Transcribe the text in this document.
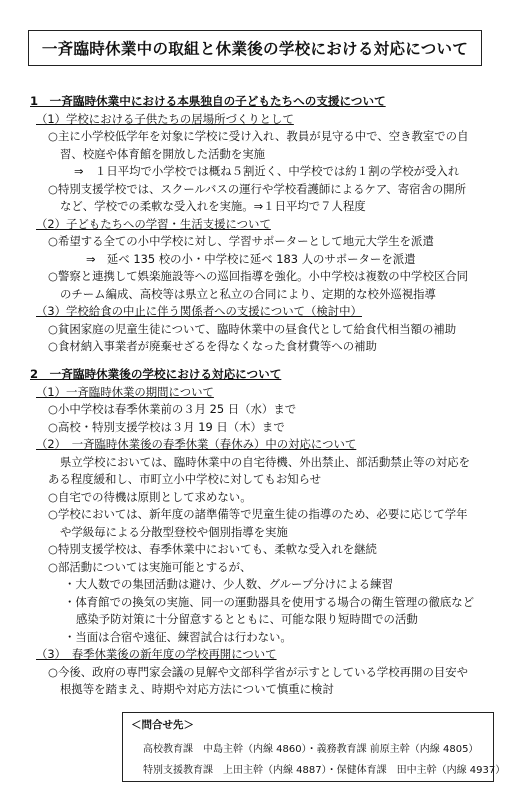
一斉臨時休業中の取組と休業後の学校における対応について
1　一斉臨時休業中における本県独自の子どもたちへの支援について
（1）学校における子供たちの居場所づくりとして
○主に小学校低学年を対象に学校に受け入れ、教員が見守る中で、空き教室での自
習、校庭や体育館を開放した活動を実施
⇒　１日平均で小学校では概ね５割近く、中学校では約１割の学校が受入れ
○特別支援学校では、スクールバスの運行や学校看護師によるケア、寄宿舎の開所
など、学校での柔軟な受入れを実施。⇒１日平均で７人程度
（2）子どもたちへの学習・生活支援について
○希望する全ての小中学校に対し、学習サポーターとして地元大学生を派遣
⇒　延べ 135 校の小・中学校に延べ 183 人のサポーターを派遣
○警察と連携して娯楽施設等への巡回指導を強化。小中学校は複数の中学校区合同
のチーム編成、高校等は県立と私立の合同により、定期的な校外巡視指導
（3）学校給食の中止に伴う関係者への支援について（検討中）
○貧困家庭の児童生徒について、臨時休業中の昼食代として給食代相当額の補助
○食材納入事業者が廃棄せざるを得なくなった食材費等への補助
2　一斉臨時休業後の学校における対応について
（1）一斉臨時休業の期間について
○小中学校は春季休業前の３月 25 日（水）まで
○高校・特別支援学校は３月 19 日（木）まで
（2）　一斉臨時休業後の春季休業（春休み）中の対応について
県立学校においては、臨時休業中の自宅待機、外出禁止、部活動禁止等の対応を
ある程度緩和し、市町立小中学校に対してもお知らせ
○自宅での待機は原則として求めない。
○学校においては、新年度の諸準備等で児童生徒の指導のため、必要に応じて学年
や学級毎による分散型登校や個別指導を実施
○特別支援学校は、春季休業中においても、柔軟な受入れを継続
○部活動については実施可能とするが、
・大人数での集団活動は避け、少人数、グループ分けによる練習
・体育館での換気の実施、同一の運動器具を使用する場合の衛生管理の徹底など
感染予防対策に十分留意するとともに、可能な限り短時間での活動
・当面は合宿や遠征、練習試合は行わない。
（3）　春季休業後の新年度の学校再開について
○今後、政府の専門家会議の見解や文部科学省が示すとしている学校再開の目安や
根拠等を踏まえ、時期や対応方法について慎重に検討
＜問合せ先＞
高校教育課　中島主幹（内線 4860）・義務教育課 前原主幹（内線 4805）
特別支援教育課　上田主幹（内線 4887）・保健体育課　田中主幹（内線 4937）
